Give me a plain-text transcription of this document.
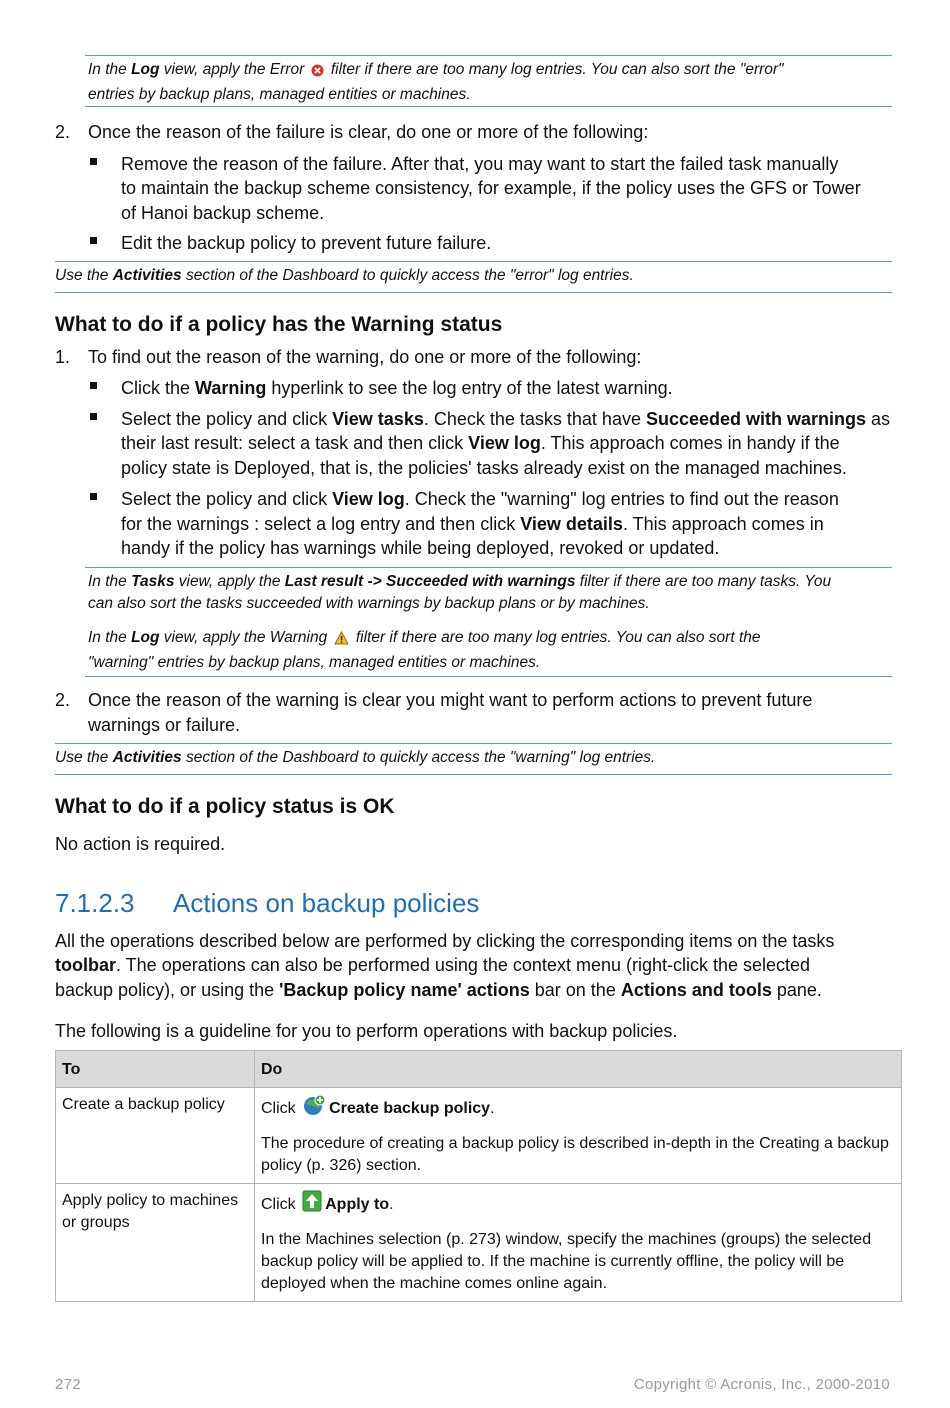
In the Log view, apply the Error  filter if there are too many log entries. You can also sort the "error"

entries by backup plans, managed entities or machines.

2. Once the reason of the failure is clear, do one or more of the following:
Remove the reason of the failure. After that, you may want to start the failed task manually
to maintain the backup scheme consistency, for example, if the policy uses the GFS or Tower
of Hanoi backup scheme.
Edit the backup policy to prevent future failure.

Use the Activities section of the Dashboard to quickly access the "error" log entries.

What to do if a policy has the Warning status
1. To find out the reason of the warning, do one or more of the following:
Click the Warning hyperlink to see the log entry of the latest warning.
Select the policy and click View tasks. Check the tasks that have Succeeded with warnings as
their last result: select a task and then click View log. This approach comes in handy if the
policy state is Deployed, that is, the policies' tasks already exist on the managed machines.
Select the policy and click View log. Check the "warning" log entries to find out the reason
for the warnings : select a log entry and then click View details. This approach comes in
handy if the policy has warnings while being deployed, revoked or updated.

In the Tasks view, apply the Last result -> Succeeded with warnings filter if there are too many tasks. You

can also sort the tasks succeeded with warnings by backup plans or by machines.

In the Log view, apply the Warning  filter if there are too many log entries. You can also sort the

"warning" entries by backup plans, managed entities or machines.

2. Once the reason of the warning is clear you might want to perform actions to prevent future
warnings or failure.

Use the Activities section of the Dashboard to quickly access the "warning" log entries.

What to do if a policy status is OK
No action is required.
7.1.2.3 Actions on backup policies
All the operations described below are performed by clicking the corresponding items on the tasks
toolbar. The operations can also be performed using the context menu (right-click the selected
backup policy), or using the 'Backup policy name' actions bar on the Actions and tools pane.
The following is a guideline for you to perform operations with backup policies.
To	Do
Create a backup policy	Click Create backup policy.

The procedure of creating a backup policy is described in-depth in the Creating a backup policy (p. 326) section.

Apply policy to machines or groups	Click Apply to.

In the Machines selection (p. 273) window, specify the machines (groups) the selected backup policy will be applied to. If the machine is currently offline, the policy will be deployed when the machine comes online again.

272	Copyright © Acronis, Inc., 2000-2010
